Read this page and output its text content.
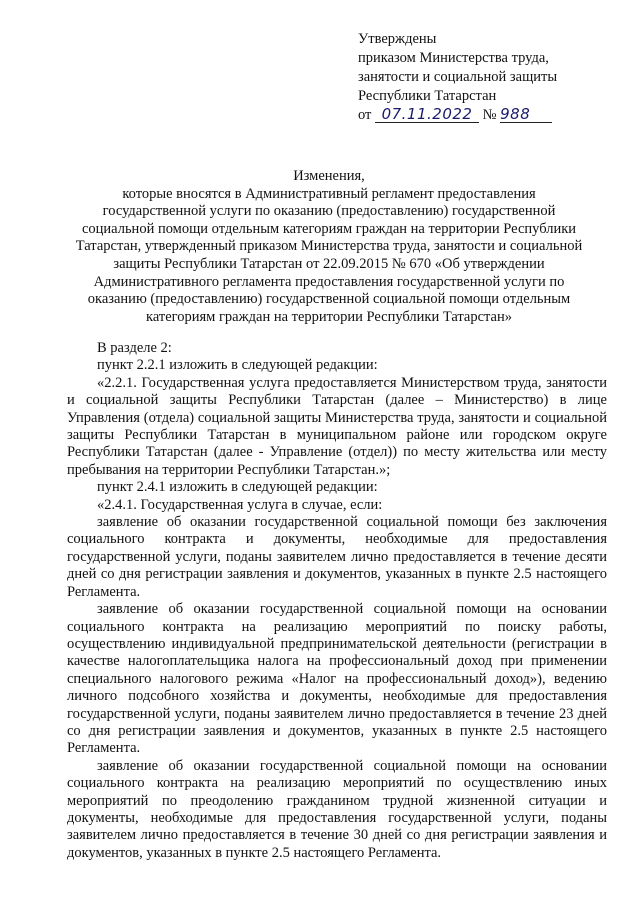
Утверждены
приказом Министерства труда,
занятости и социальной защиты
Республики Татарстан
от 07.11.2022 № 988
Изменения,
которые вносятся в Административный регламент предоставления
государственной услуги по оказанию (предоставлению) государственной
социальной помощи отдельным категориям граждан на территории Республики
Татарстан, утвержденный приказом Министерства труда, занятости и социальной
защиты Республики Татарстан от 22.09.2015 № 670 «Об утверждении
Административного регламента предоставления государственной услуги по
оказанию (предоставлению) государственной социальной помощи отдельным
категориям граждан на территории Республики Татарстан»

В разделе 2:

пункт 2.2.1 изложить в следующей редакции:

«2.2.1. Государственная услуга предоставляется Министерством труда, занятости и социальной защиты Республики Татарстан (далее – Министерство) в лице Управления (отдела) социальной защиты Министерства труда, занятости и социальной защиты Республики Татарстан в муниципальном районе или городском округе Республики Татарстан (далее - Управление (отдел)) по месту жительства или месту пребывания на территории Республики Татарстан.»;

пункт 2.4.1 изложить в следующей редакции:

«2.4.1. Государственная услуга в случае, если:

заявление об оказании государственной социальной помощи без заключения социального контракта и документы, необходимые для предоставления государственной услуги, поданы заявителем лично предоставляется в течение десяти дней со дня регистрации заявления и документов, указанных в пункте 2.5 настоящего Регламента.

заявление об оказании государственной социальной помощи на основании социального контракта на реализацию мероприятий по поиску работы, осуществлению индивидуальной предпринимательской деятельности (регистрации в качестве налогоплательщика налога на профессиональный доход при применении специального налогового режима «Налог на профессиональный доход»), ведению личного подсобного хозяйства и документы, необходимые для предоставления государственной услуги, поданы заявителем лично предоставляется в течение 23 дней со дня регистрации заявления и документов, указанных в пункте 2.5 настоящего Регламента.

заявление об оказании государственной социальной помощи на основании социального контракта на реализацию мероприятий по осуществлению иных мероприятий по преодолению гражданином трудной жизненной ситуации и документы, необходимые для предоставления государственной услуги, поданы заявителем лично предоставляется в течение 30 дней со дня регистрации заявления и документов, указанных в пункте 2.5 настоящего Регламента.
